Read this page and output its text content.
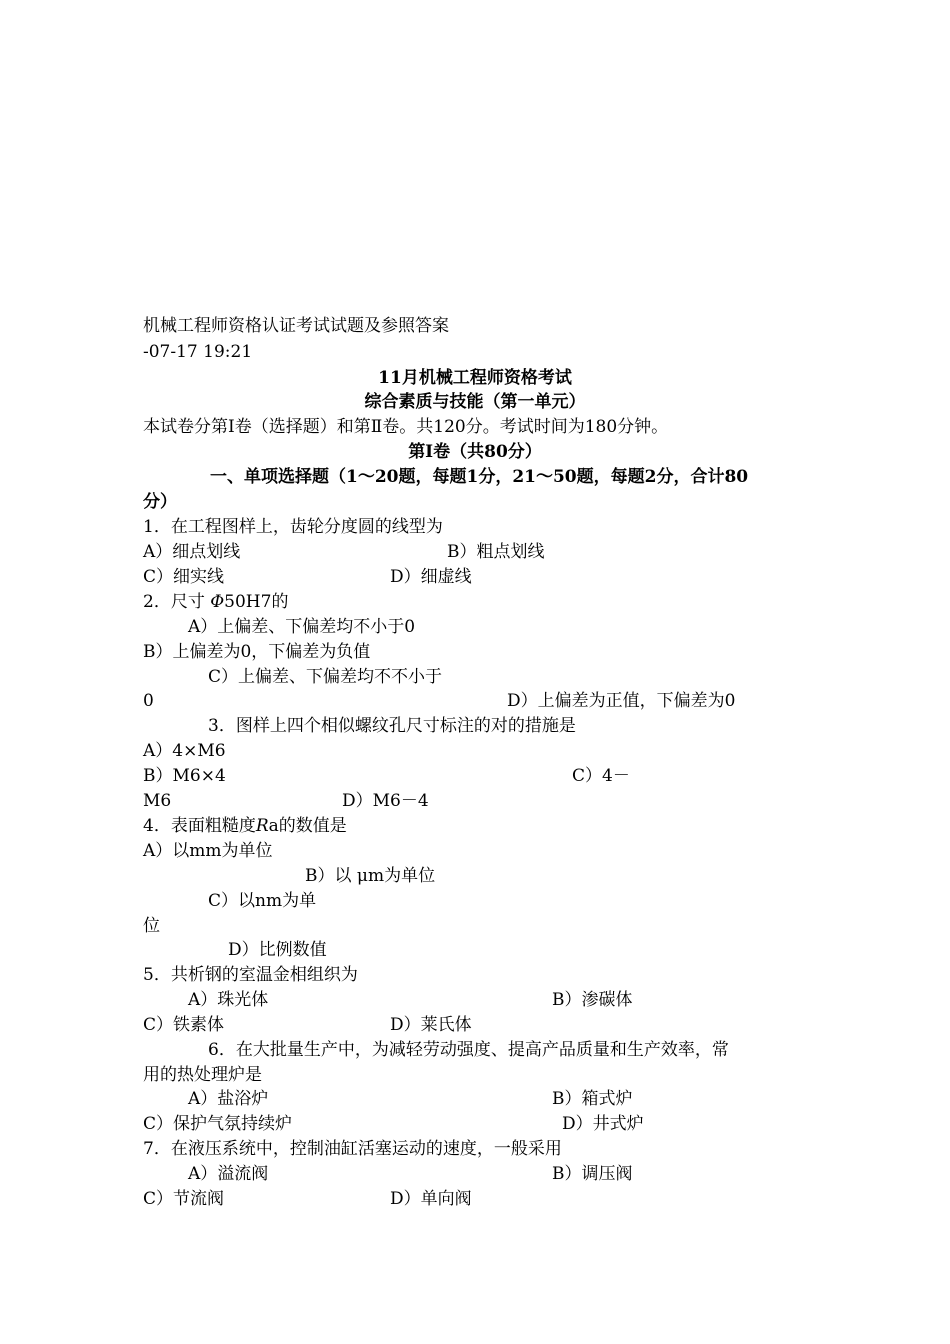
机械工程师资格认证考试试题及参照答案
-07-17 19:21
11月机械工程师资格考试
综合素质与技能（第一单元）
本试卷分第Ⅰ卷（选择题）和第Ⅱ卷。共120分。考试时间为180分钟。
第Ⅰ卷（共80分）
一、单项选择题（1～20题，每题1分，21～50题，每题2分，合计80
分）
1．在工程图样上，齿轮分度圆的线型为
A）细点划线	B）粗点划线
C）细实线	D）细虚线
2．尺寸 Φ50H7的
A）上偏差、下偏差均不小于0
B）上偏差为0，下偏差为负值
C）上偏差、下偏差均不不小于
0	D）上偏差为正值，下偏差为0
3．图样上四个相似螺纹孔尺寸标注的对的措施是
A）4×M6
B）M6×4	C）4－
M6	D）M6－4
4．表面粗糙度Ra的数值是
A）以mm为单位
B）以 μm为单位
C）以nm为单
位
D）比例数值
5．共析钢的室温金相组织为
A）珠光体	B）渗碳体
C）铁素体	D）莱氏体
6．在大批量生产中，为减轻劳动强度、提高产品质量和生产效率，常
用的热处理炉是
A）盐浴炉	B）箱式炉
C）保护气氛持续炉	D）井式炉
7．在液压系统中，控制油缸活塞运动的速度，一般采用
A）溢流阀	B）调压阀
C）节流阀	D）单向阀
